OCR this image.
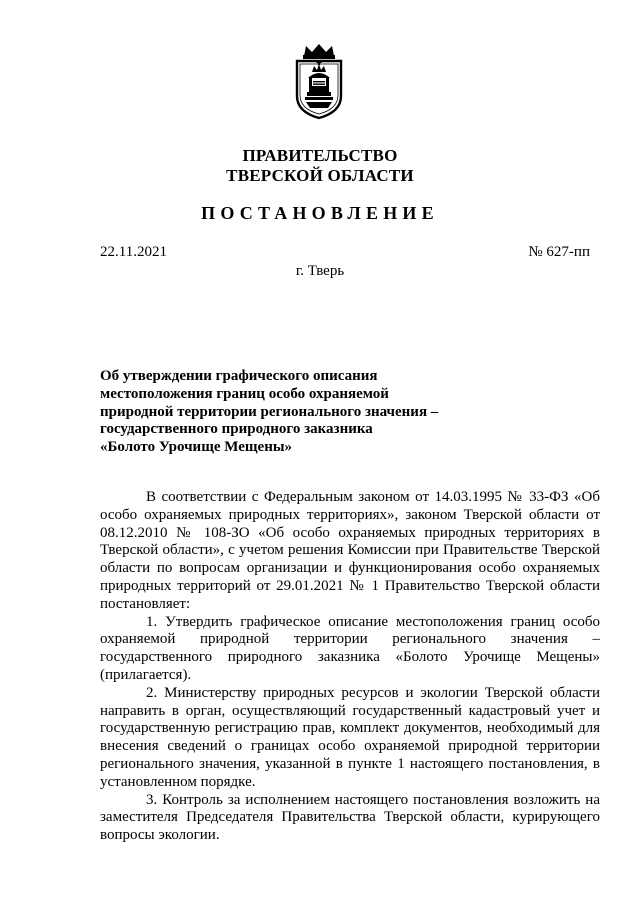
ПРАВИТЕЛЬСТВО
ТВЕРСКОЙ ОБЛАСТИ
ПОСТАНОВЛЕНИЕ
22.11.2021	№ 627-пп
г. Тверь
Об утверждении графического описания
местоположения границ особо охраняемой
природной территории регионального значения –
государственного природного заказника
«Болото Урочище Мещены»

В соответствии с Федеральным законом от 14.03.1995 № 33-ФЗ «Об особо охраняемых природных территориях», законом Тверской области от 08.12.2010 № 108-ЗО «Об особо охраняемых природных территориях в Тверской области», с учетом решения Комиссии при Правительстве Тверской области по вопросам организации и функционирования особо охраняемых природных территорий от 29.01.2021 № 1 Правительство Тверской области постановляет:

1. Утвердить графическое описание местоположения границ особо охраняемой природной территории регионального значения – государственного природного заказника «Болото Урочище Мещены» (прилагается).

2. Министерству природных ресурсов и экологии Тверской области направить в орган, осуществляющий государственный кадастровый учет и государственную регистрацию прав, комплект документов, необходимый для внесения сведений о границах особо охраняемой природной территории регионального значения, указанной в пункте 1 настоящего постановления, в установленном порядке.

3. Контроль за исполнением настоящего постановления возложить на заместителя Председателя Правительства Тверской области, курирующего вопросы экологии.
